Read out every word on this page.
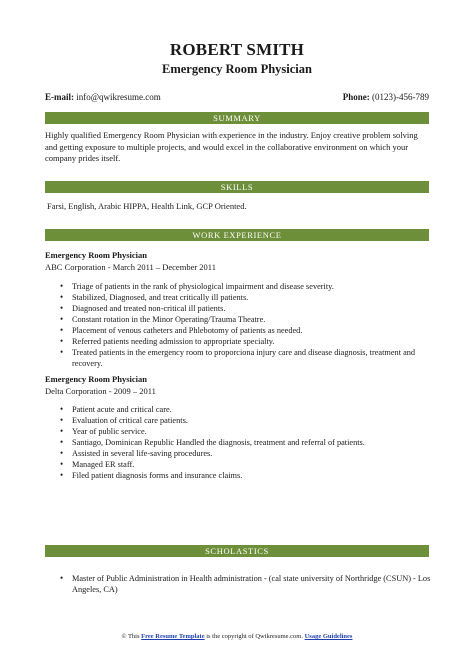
ROBERT SMITH
Emergency Room Physician
E-mail: info@qwikresume.com	Phone: (0123)-456-789
SUMMARY
Highly qualified Emergency Room Physician with experience in the industry. Enjoy creative problem solving and getting exposure to multiple projects, and would excel in the collaborative environment on which your company prides itself.
SKILLS
Farsi, English, Arabic HIPPA, Health Link, GCP Oriented.
WORK EXPERIENCE
Emergency Room Physician
ABC Corporation - March 2011 – December 2011
• Triage of patients in the rank of physiological impairment and disease severity.
• Stabilized, Diagnosed, and treat critically ill patients.
• Diagnosed and treated non-critical ill patients.
• Constant rotation in the Minor Operating/Trauma Theatre.
• Placement of venous catheters and Phlebotomy of patients as needed.
• Referred patients needing admission to appropriate specialty.
• Treated patients in the emergency room to proporciona injury care and disease diagnosis, treatment and recovery.
Emergency Room Physician
Delta Corporation - 2009 – 2011
• Patient acute and critical care.
• Evaluation of critical care patients.
• Year of public service.
• Santiago, Dominican Republic Handled the diagnosis, treatment and referral of patients.
• Assisted in several life-saving procedures.
• Managed ER staff.
• Filed patient diagnosis forms and insurance claims.
SCHOLASTICS
• Master of Public Administration in Health administration - (cal state university of Northridge (CSUN) - Los Angeles, CA)
© This Free Resume Template is the copyright of Qwikresume.com. Usage Guidelines
